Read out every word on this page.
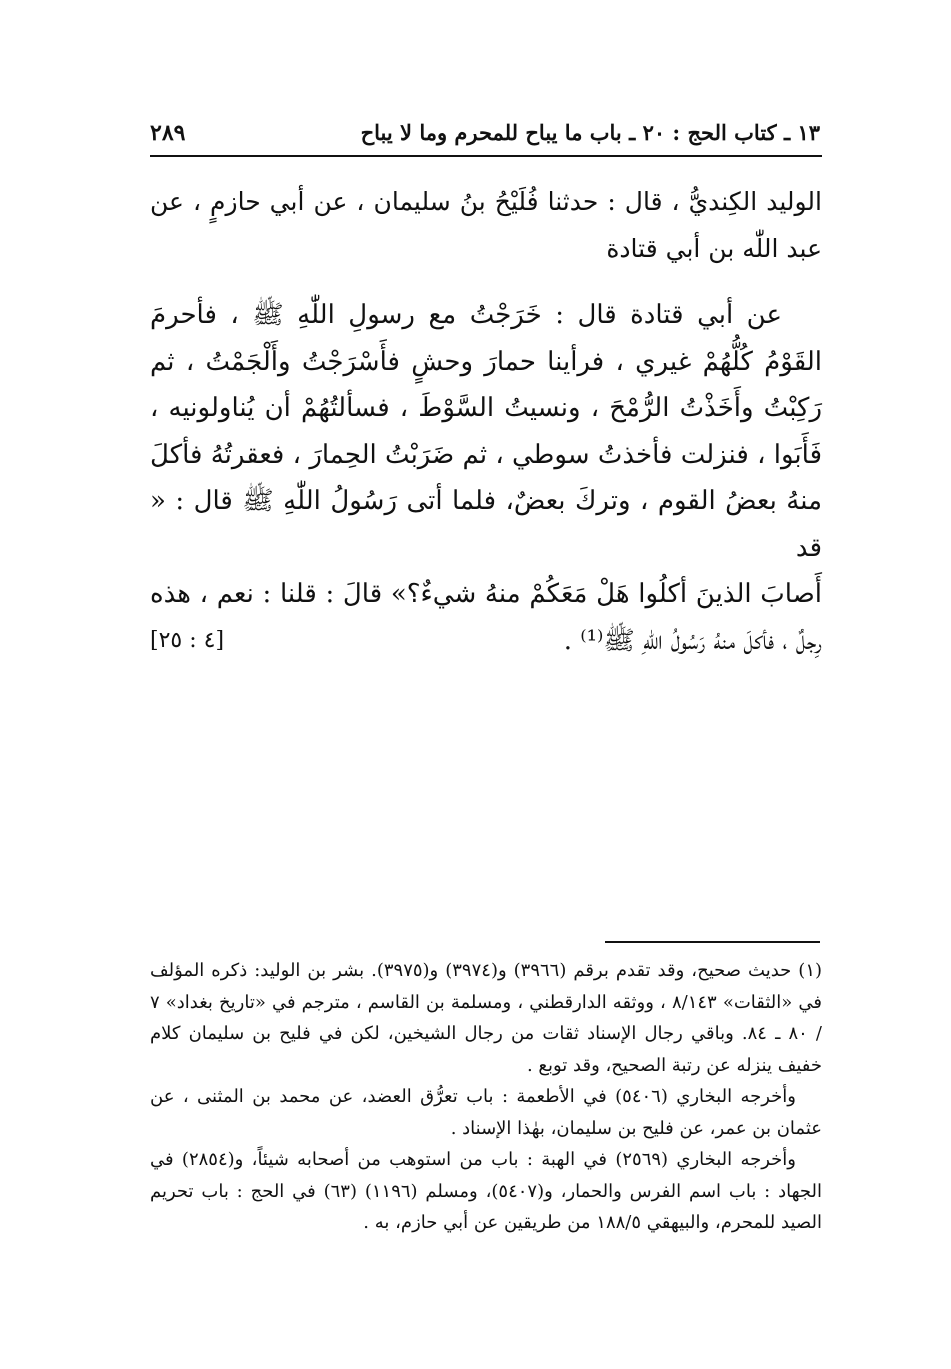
١٣ ـ كتاب الحج : ٢٠ ـ باب ما يباح للمحرم وما لا يباح
٢٨٩
الوليد الكِنديُّ ، قال : حدثنا فُلَيْحُ بنُ سليمان ، عن أبي حازمٍ ، عن عبد اللّٰه بن أبي قتادة
عن أبي قتادة قال : خَرَجْتُ مع رسولِ اللّٰهِ ﷺ ، فأحرمَ
القَوْمُ كُلُّهُمْ غيري ، فرأينا حمارَ وحشٍ فأَسْرَجْتُ وأَلْجَمْتُ ، ثم
رَكِبْتُ وأَخَذْتُ الرُّمْحَ ، ونسيتُ السَّوْطَ ، فسألتُهُمْ أن يُناولونيه ،
فَأَبَوا ، فنزلت فأخذتُ سوطي ، ثم ضَرَبْتُ الحِمارَ ، فعقرتُهُ فأكلَ
منهُ بعضُ القوم ، وتركَ بعضٌ، فلما أتى رَسُولُ اللّٰهِ ﷺ قال : « قد
أَصابَ الذينَ أكلُوا هَلْ مَعَكُمْ منهُ شيءٌ؟» قالَ : قلنا : نعم ، هذه
رِجلٌ ، فأكلَ منهُ رَسُولُ اللّٰهِ ﷺ⁽¹⁾ .
[٤ : ٢٥]

(١) حديث صحيح، وقد تقدم برقم (٣٩٦٦) و(٣٩٧٤) و(٣٩٧٥). بشر بن الوليد: ذكره المؤلف في «الثقات» ٨/١٤٣ ، ووثقه الدارقطني ، ومسلمة بن القاسم ، مترجم في «تاريخ بغداد» ٧ / ٨٠ ـ ٨٤. وباقي رجال الإسناد ثقات من رجال الشيخين، لكن في فليح بن سليمان كلام خفيف ينزله عن رتبة الصحيح، وقد توبع .

وأخرجه البخاري (٥٤٠٦) في الأطعمة : باب تعرُّق العضد، عن محمد بن المثنى ، عن عثمان بن عمر، عن فليح بن سليمان، بهٰذا الإسناد .

وأخرجه البخاري (٢٥٦٩) في الهبة : باب من استوهب من أصحابه شيئاً، و(٢٨٥٤) في الجهاد : باب اسم الفرس والحمار، و(٥٤٠٧)، ومسلم (١١٩٦) (٦٣) في الحج : باب تحريم الصيد للمحرم، والبيهقي ١٨٨/٥ من طريقين عن أبي حازم، به .
